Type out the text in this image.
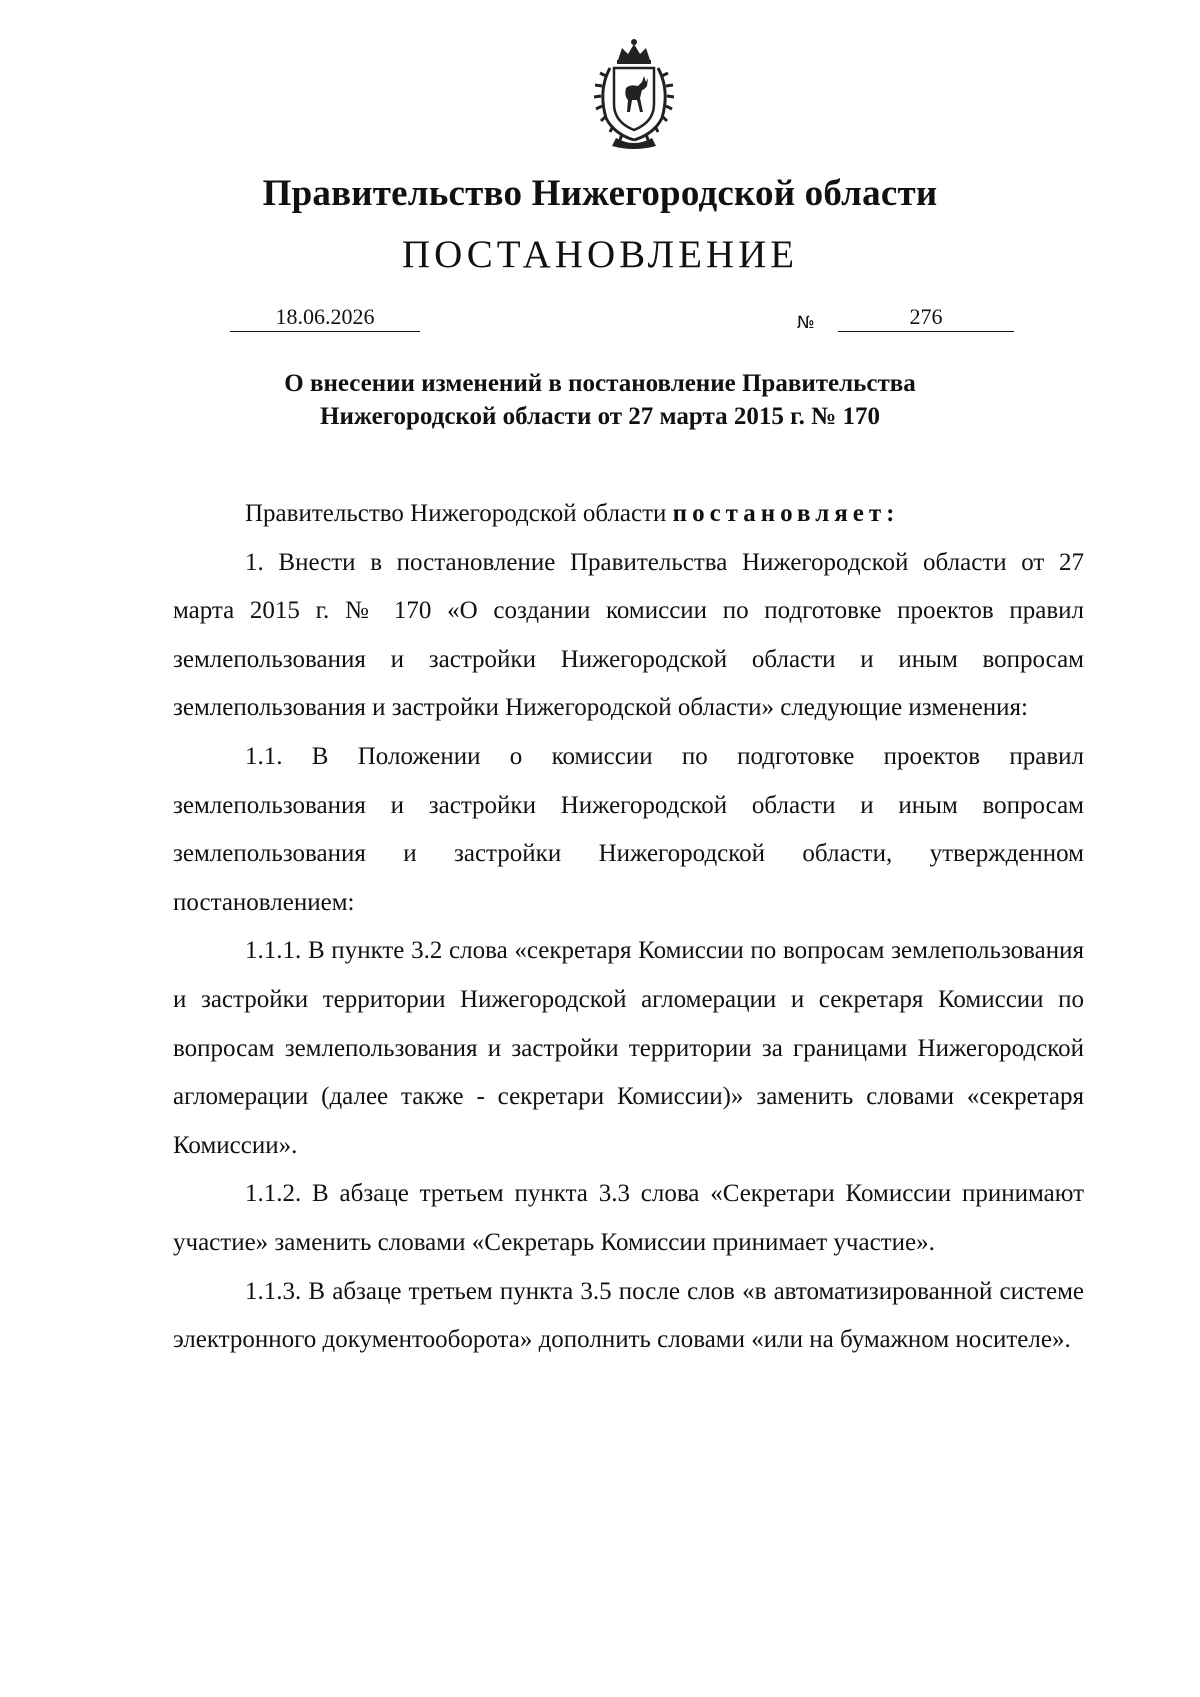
Правительство Нижегородской области
ПОСТАНОВЛЕНИЕ
18.06.2026	№	276
О внесении изменений в постановление Правительства
Нижегородской области от 27 марта 2015 г. № 170

Правительство Нижегородской области постановляет:

1. Внести в постановление Правительства Нижегородской области от 27 марта 2015 г. № 170 «О создании комиссии по подготовке проектов правил землепользования и застройки Нижегородской области и иным вопросам землепользования и застройки Нижегородской области» следующие изменения:

1.1. В Положении о комиссии по подготовке проектов правил землепользования и застройки Нижегородской области и иным вопросам землепользования и застройки Нижегородской области, утвержденном постановлением:

1.1.1. В пункте 3.2 слова «секретаря Комиссии по вопросам землепользования и застройки территории Нижегородской агломерации и секретаря Комиссии по вопросам землепользования и застройки территории за границами Нижегородской агломерации (далее также - секретари Комиссии)» заменить словами «секретаря Комиссии».

1.1.2. В абзаце третьем пункта 3.3 слова «Секретари Комиссии принимают участие» заменить словами «Секретарь Комиссии принимает участие».

1.1.3. В абзаце третьем пункта 3.5 после слов «в автоматизированной системе электронного документооборота» дополнить словами «или на бумажном носителе».
